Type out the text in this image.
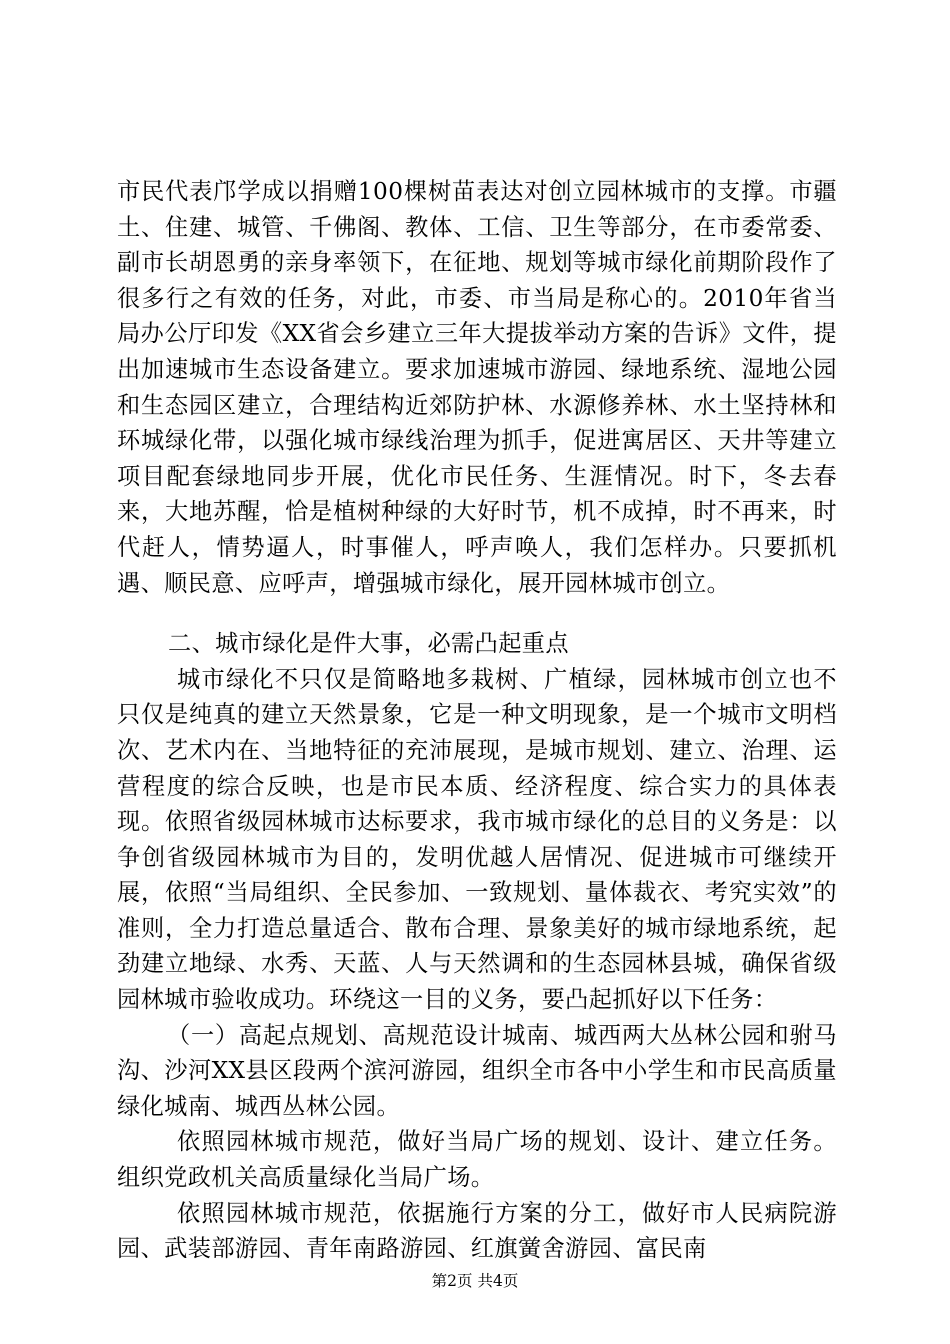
市民代表邝学成以捐赠100棵树苗表达对创立园林城市的支撑。市疆土、住建、城管、千佛阁、教体、工信、卫生等部分，在市委常委、副市长胡恩勇的亲身率领下，在征地、规划等城市绿化前期阶段作了很多行之有效的任务，对此，市委、市当局是称心的。2010年省当局办公厅印发《XX省会乡建立三年大提拔举动方案的告诉》文件，提出加速城市生态设备建立。要求加速城市游园、绿地系统、湿地公园和生态园区建立，合理结构近郊防护林、水源修养林、水土坚持林和环城绿化带，以强化城市绿线治理为抓手，促进寓居区、天井等建立项目配套绿地同步开展，优化市民任务、生涯情况。时下，冬去春来，大地苏醒，恰是植树种绿的大好时节，机不成掉，时不再来，时代赶人，情势逼人，时事催人，呼声唤人，我们怎样办。只要抓机遇、顺民意、应呼声，增强城市绿化，展开园林城市创立。

二、城市绿化是件大事，必需凸起重点

城市绿化不只仅是简略地多栽树、广植绿，园林城市创立也不只仅是纯真的建立天然景象，它是一种文明现象，是一个城市文明档次、艺术内在、当地特征的充沛展现，是城市规划、建立、治理、运营程度的综合反映，也是市民本质、经济程度、综合实力的具体表现。依照省级园林城市达标要求，我市城市绿化的总目的义务是：以争创省级园林城市为目的，发明优越人居情况、促进城市可继续开展，依照“当局组织、全民参加、一致规划、量体裁衣、考究实效”的准则，全力打造总量适合、散布合理、景象美好的城市绿地系统，起劲建立地绿、水秀、天蓝、人与天然调和的生态园林县城，确保省级园林城市验收成功。环绕这一目的义务，要凸起抓好以下任务：

（一）高起点规划、高规范设计城南、城西两大丛林公园和驸马沟、沙河XX县区段两个滨河游园，组织全市各中小学生和市民高质量绿化城南、城西丛林公园。

依照园林城市规范，做好当局广场的规划、设计、建立任务。组织党政机关高质量绿化当局广场。

依照园林城市规范，依据施行方案的分工，做好市人民病院游园、武装部游园、青年南路游园、红旗黉舍游园、富民南

第2页 共4页
